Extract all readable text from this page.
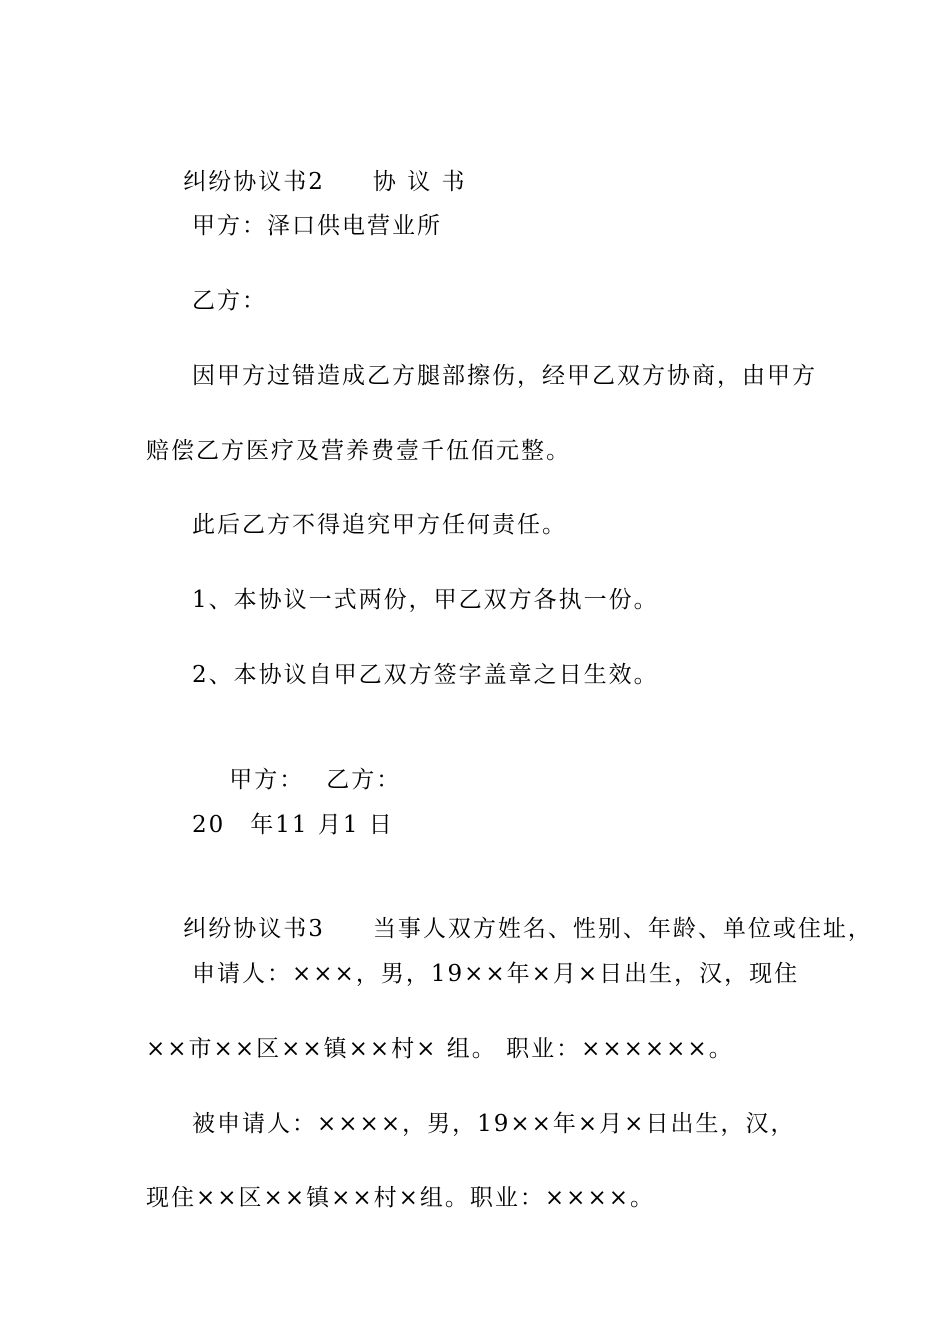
纠纷协议书2 协 议 书

甲方：泽口供电营业所
乙方：
因甲方过错造成乙方腿部擦伤，经甲乙双方协商，由甲方
赔偿乙方医疗及营养费壹千伍佰元整。
此后乙方不得追究甲方任何责任。
1、本协议一式两份，甲乙双方各执一份。
2、本协议自甲乙双方签字盖章之日生效。

甲方： 乙方：

20　年11 月1 日

纠纷协议书3 当事人双方姓名、性别、年龄、单位或住址，

申请人：×××，男，19××年×月×日出生，汉，现住
××市××区××镇××村× 组。 职业：××××××。
被申请人：××××，男，19××年×月×日出生，汉，
现住××区××镇××村×组。职业：××××。
